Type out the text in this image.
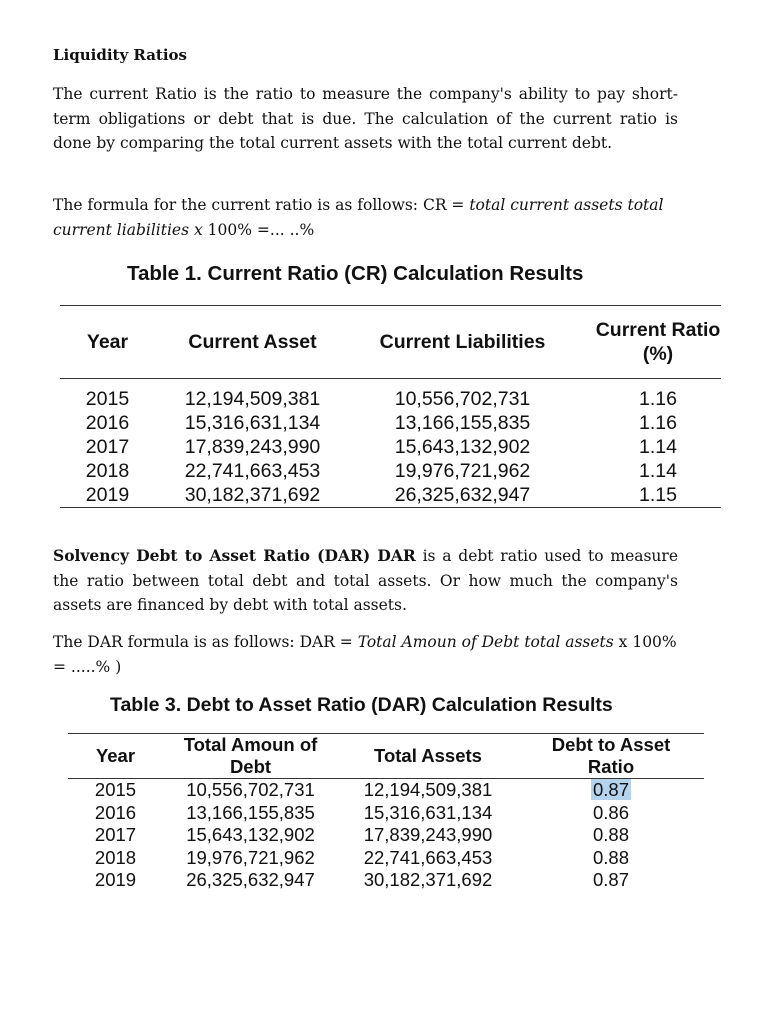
Liquidity Ratios
The current Ratio is the ratio to measure the company's ability to pay short-term obligations or debt that is due. The calculation of the current ratio is done by comparing the total current assets with the total current debt.
The formula for the current ratio is as follows: CR = total current assets total current liabilities x 100% =... ..%
Table 1. Current Ratio (CR) Calculation Results
Year	Current Asset	Current Liabilities	Current Ratio (%)

2015	12,194,509,381	10,556,702,731	1.16
2016	15,316,631,134	13,166,155,835	1.16
2017	17,839,243,990	15,643,132,902	1.14
2018	22,741,663,453	19,976,721,962	1.14
2019	30,182,371,692	26,325,632,947	1.15
Solvency Debt to Asset Ratio (DAR) DAR is a debt ratio used to measure the ratio between total debt and total assets. Or how much the company's assets are financed by debt with total assets.
The DAR formula is as follows: DAR = Total Amoun of Debt total assets x 100% = .....% )
Table 3. Debt to Asset Ratio (DAR) Calculation Results
Year	Total Amoun of Debt	Total Assets	Debt to Asset Ratio
2015	10,556,702,731	12,194,509,381	0.87
2016	13,166,155,835	15,316,631,134	0.86
2017	15,643,132,902	17,839,243,990	0.88
2018	19,976,721,962	22,741,663,453	0.88
2019	26,325,632,947	30,182,371,692	0.87
